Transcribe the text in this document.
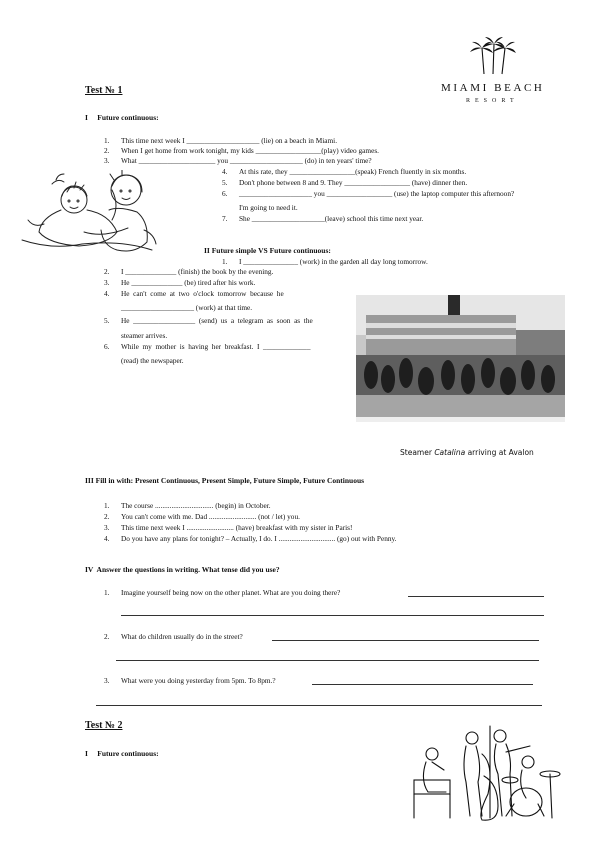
MIAMI BEACH
RESORT
Test № 1
I     Future continuous:
1. This time next week I ____________________ (lie) on a beach in Miami.
2. When I get home from work tonight, my kids __________________(play) video games.
3. What _____________________ you ____________________ (do) in ten years' time?
4. At this rate, they __________________(speak) French fluently in six months.
5. Don't phone between 8 and 9. They __________________ (have) dinner then.
6. ____________________ you __________________ (use) the laptop computer this afternoon?
I'm going to need it.
7. She ____________________(leave) school this time next year.
II Future simple VS Future continuous:
1. I _______________ (work) in the garden all day long tomorrow.
2. I ______________ (finish) the book by the evening.
3. He ______________ (be) tired after his work.
4. He  can't  come  at  two  o'clock  tomorrow  because  he
____________________ (work) at that time.
5. He  _________________  (send)  us  a  telegram  as  soon  as  the
steamer arrives.
6. While  my  mother  is  having  her  breakfast.  I  _____________
(read) the newspaper.
Steamer Catalina arriving at Avalon
III Fill in with: Present Continuous, Present Simple, Future Simple, Future Continuous
1. The course ................................ (begin) in October.
2. You can't come with me. Dad .......................... (not / let) you.
3. This time next week I .......................... (have) breakfast with my sister in Paris!
4. Do you have any plans for tonight? – Actually, I do. I ............................... (go) out with Penny.
IV  Answer the questions in writing. What tense did you use?
1. Imagine yourself being now on the other planet. What are you doing there?
2. What do children usually do in the street?
3. What were you doing yesterday from 5pm. To 8pm.?
Test № 2
I     Future continuous:
